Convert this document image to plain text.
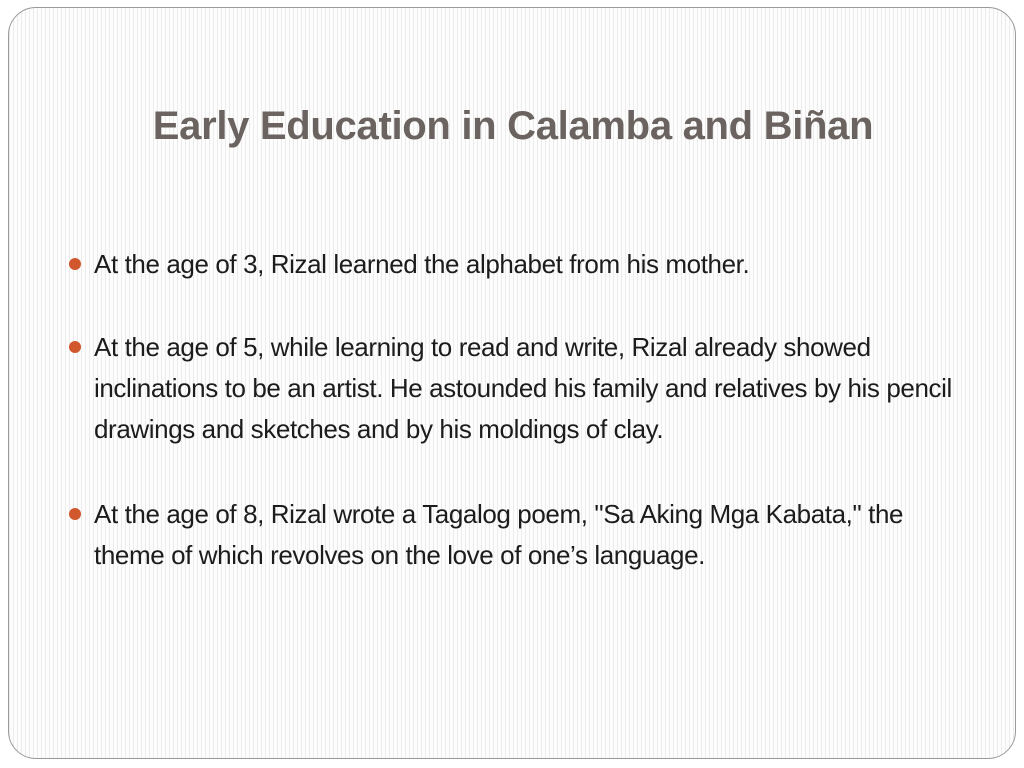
Early Education in Calamba and Biñan
At the age of 3, Rizal learned the alphabet from his mother.
At the age of 5, while learning to read and write, Rizal already showed inclinations to be an artist. He astounded his family and relatives by his pencil drawings and sketches and by his moldings of clay.
At the age of 8, Rizal wrote a Tagalog poem, "Sa Aking Mga Kabata," the theme of which revolves on the love of one’s language.
